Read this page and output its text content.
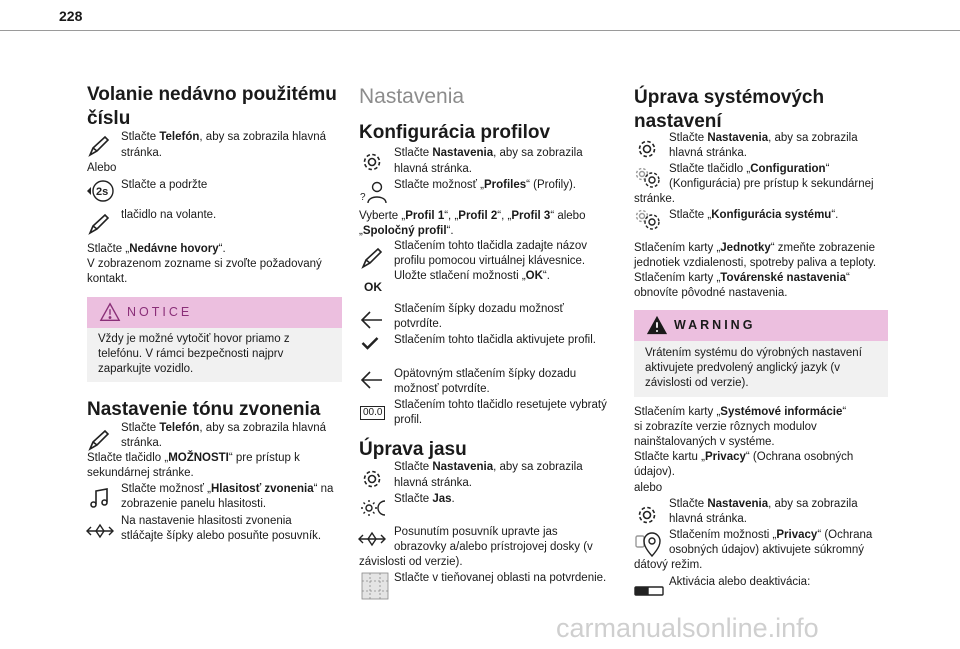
228
Volanie nedávno použitému
číslu
Stlačte Telefón, aby sa zobrazila hlavná
stránka.
Alebo
2s
Stlačte a podržte
tlačidlo na volante.
Stlačte „Nedávne hovory“.
V zobrazenom zozname si zvoľte požadovaný
kontakt.
NOTICE
Vždy je možné vytočiť hovor priamo z
telefónu. V rámci bezpečnosti najprv
zaparkujte vozidlo.
Nastavenie tónu zvonenia
Stlačte Telefón, aby sa zobrazila hlavná
stránka.
Stlačte tlačidlo „MOŽNOSTI“ pre prístup k
sekundárnej stránke.
Stlačte možnosť „Hlasitosť zvonenia“ na
zobrazenie panelu hlasitosti.
Na nastavenie hlasitosti zvonenia
stláčajte šípky alebo posuňte posuvník.
Nastavenia
Konfigurácia profilov
Stlačte Nastavenia, aby sa zobrazila
hlavná stránka.
?
Stlačte možnosť „Profiles“ (Profily).
Vyberte „Profil 1“, „Profil 2“, „Profil 3“ alebo
„Spoločný profil“.
Stlačením tohto tlačidla zadajte názov
profilu pomocou virtuálnej klávesnice.
Uložte stlačení možnosti „OK“.
OK
Stlačením šípky dozadu možnosť
potvrdíte.
Stlačením tohto tlačidla aktivujete profil.
Opätovným stlačením šípky dozadu
možnosť potvrdíte.
00.0
Stlačením tohto tlačidlo resetujete vybratý
profil.
Úprava jasu
Stlačte Nastavenia, aby sa zobrazila
hlavná stránka.
Stlačte Jas.
Posunutím posuvník upravte jas
obrazovky a/alebo prístrojovej dosky (v
závislosti od verzie).
Stlačte v tieňovanej oblasti na potvrdenie.
Úprava systémových
nastavení
Stlačte Nastavenia, aby sa zobrazila
hlavná stránka.
Stlačte tlačidlo „Configuration“
(Konfigurácia) pre prístup k sekundárnej
stránke.
Stlačte „Konfigurácia systému“.
Stlačením karty „Jednotky“ zmeňte zobrazenie
jednotiek vzdialenosti, spotreby paliva a teploty.
Stlačením karty „Továrenské nastavenia“
obnovíte pôvodné nastavenia.
WARNING
Vrátením systému do výrobných nastavení
aktivujete predvolený anglický jazyk (v
závislosti od verzie).
Stlačením karty „Systémové informácie“
si zobrazíte verzie rôznych modulov
nainštalovaných v systéme.
Stlačte kartu „Privacy“ (Ochrana osobných
údajov).
alebo
Stlačte Nastavenia, aby sa zobrazila
hlavná stránka.
Stlačením možnosti „Privacy“ (Ochrana
osobných údajov) aktivujete súkromný
dátový režim.
Aktivácia alebo deaktivácia:
carmanualsonline.info
